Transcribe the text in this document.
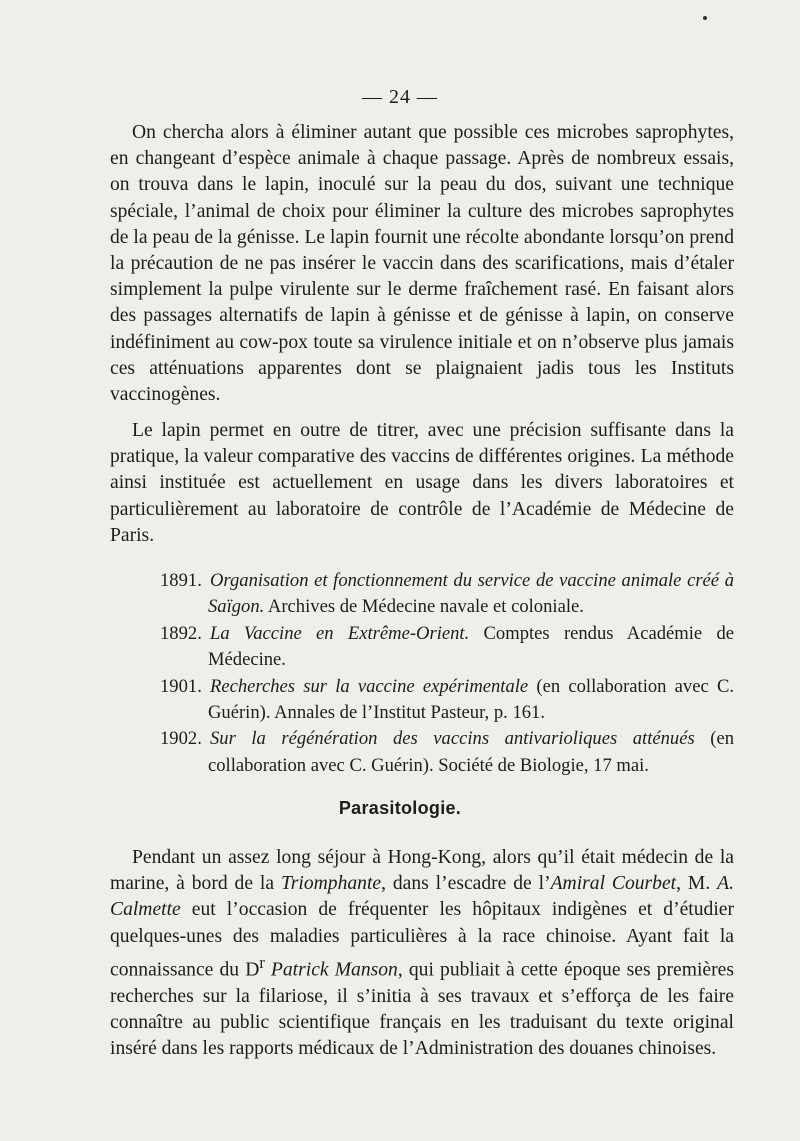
— 24 —

On chercha alors à éliminer autant que possible ces microbes saprophytes, en changeant d’espèce animale à chaque passage. Après de nombreux essais, on trouva dans le lapin, inoculé sur la peau du dos, suivant une technique spéciale, l’animal de choix pour éliminer la culture des microbes saprophytes de la peau de la génisse. Le lapin fournit une récolte abondante lorsqu’on prend la précaution de ne pas insérer le vaccin dans des scarifications, mais d’étaler simplement la pulpe virulente sur le derme fraîchement rasé. En faisant alors des passages alternatifs de lapin à génisse et de génisse à lapin, on conserve indéfiniment au cow-pox toute sa virulence initiale et on n’observe plus jamais ces atténuations apparentes dont se plaignaient jadis tous les Instituts vaccinogènes.

Le lapin permet en outre de titrer, avec une précision suffisante dans la pratique, la valeur comparative des vaccins de différentes origines. La méthode ainsi instituée est actuellement en usage dans les divers laboratoires et particulièrement au laboratoire de contrôle de l’Académie de Médecine de Paris.

1891. Organisation et fonctionnement du service de vaccine animale créé à Saïgon. Archives de Médecine navale et coloniale.

1892. La Vaccine en Extrême-Orient. Comptes rendus Académie de Médecine.

1901. Recherches sur la vaccine expérimentale (en collaboration avec C. Guérin). Annales de l’Institut Pasteur, p. 161.

1902. Sur la régénération des vaccins antivarioliques atténués (en collaboration avec C. Guérin). Société de Biologie, 17 mai.

Parasitologie.

Pendant un assez long séjour à Hong-Kong, alors qu’il était médecin de la marine, à bord de la Triomphante, dans l’escadre de l’Amiral Courbet, M. A. Calmette eut l’occasion de fréquenter les hôpitaux indigènes et d’étudier quelques-unes des maladies particulières à la race chinoise. Ayant fait la connaissance du $D^r$ Patrick Manson, qui publiait à cette époque ses premières recherches sur la filariose, il s’initia à ses travaux et s’efforça de les faire connaître au public scientifique français en les traduisant du texte original inséré dans les rapports médicaux de l’Administration des douanes chinoises.
